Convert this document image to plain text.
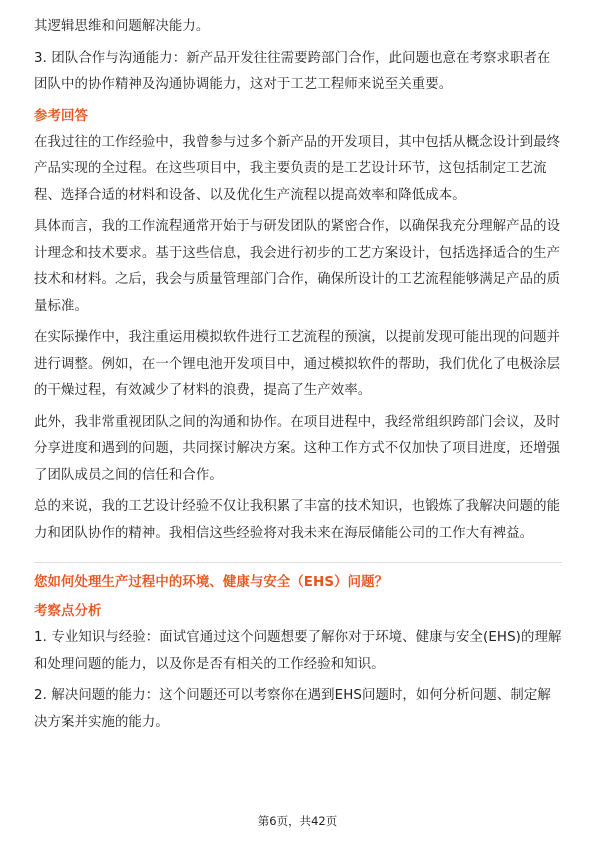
其逻辑思维和问题解决能力。

3. 团队合作与沟通能力：新产品开发往往需要跨部门合作，此问题也意在考察求职者在团队中的协作精神及沟通协调能力，这对于工艺工程师来说至关重要。

参考回答

在我过往的工作经验中，我曾参与过多个新产品的开发项目，其中包括从概念设计到最终产品实现的全过程。在这些项目中，我主要负责的是工艺设计环节，这包括制定工艺流程、选择合适的材料和设备、以及优化生产流程以提高效率和降低成本。

具体而言，我的工作流程通常开始于与研发团队的紧密合作，以确保我充分理解产品的设计理念和技术要求。基于这些信息，我会进行初步的工艺方案设计，包括选择适合的生产技术和材料。之后，我会与质量管理部门合作，确保所设计的工艺流程能够满足产品的质量标准。

在实际操作中，我注重运用模拟软件进行工艺流程的预演，以提前发现可能出现的问题并进行调整。例如，在一个锂电池开发项目中，通过模拟软件的帮助，我们优化了电极涂层的干燥过程，有效减少了材料的浪费，提高了生产效率。

此外，我非常重视团队之间的沟通和协作。在项目进程中，我经常组织跨部门会议，及时分享进度和遇到的问题，共同探讨解决方案。这种工作方式不仅加快了项目进度，还增强了团队成员之间的信任和合作。

总的来说，我的工艺设计经验不仅让我积累了丰富的技术知识，也锻炼了我解决问题的能力和团队协作的精神。我相信这些经验将对我未来在海辰储能公司的工作大有裨益。

您如何处理生产过程中的环境、健康与安全（EHS）问题？

考察点分析

1. 专业知识与经验：面试官通过这个问题想要了解你对于环境、健康与安全(EHS)的理解和处理问题的能力，以及你是否有相关的工作经验和知识。

2. 解决问题的能力：这个问题还可以考察你在遇到EHS问题时，如何分析问题、制定解决方案并实施的能力。

第6页，共42页
